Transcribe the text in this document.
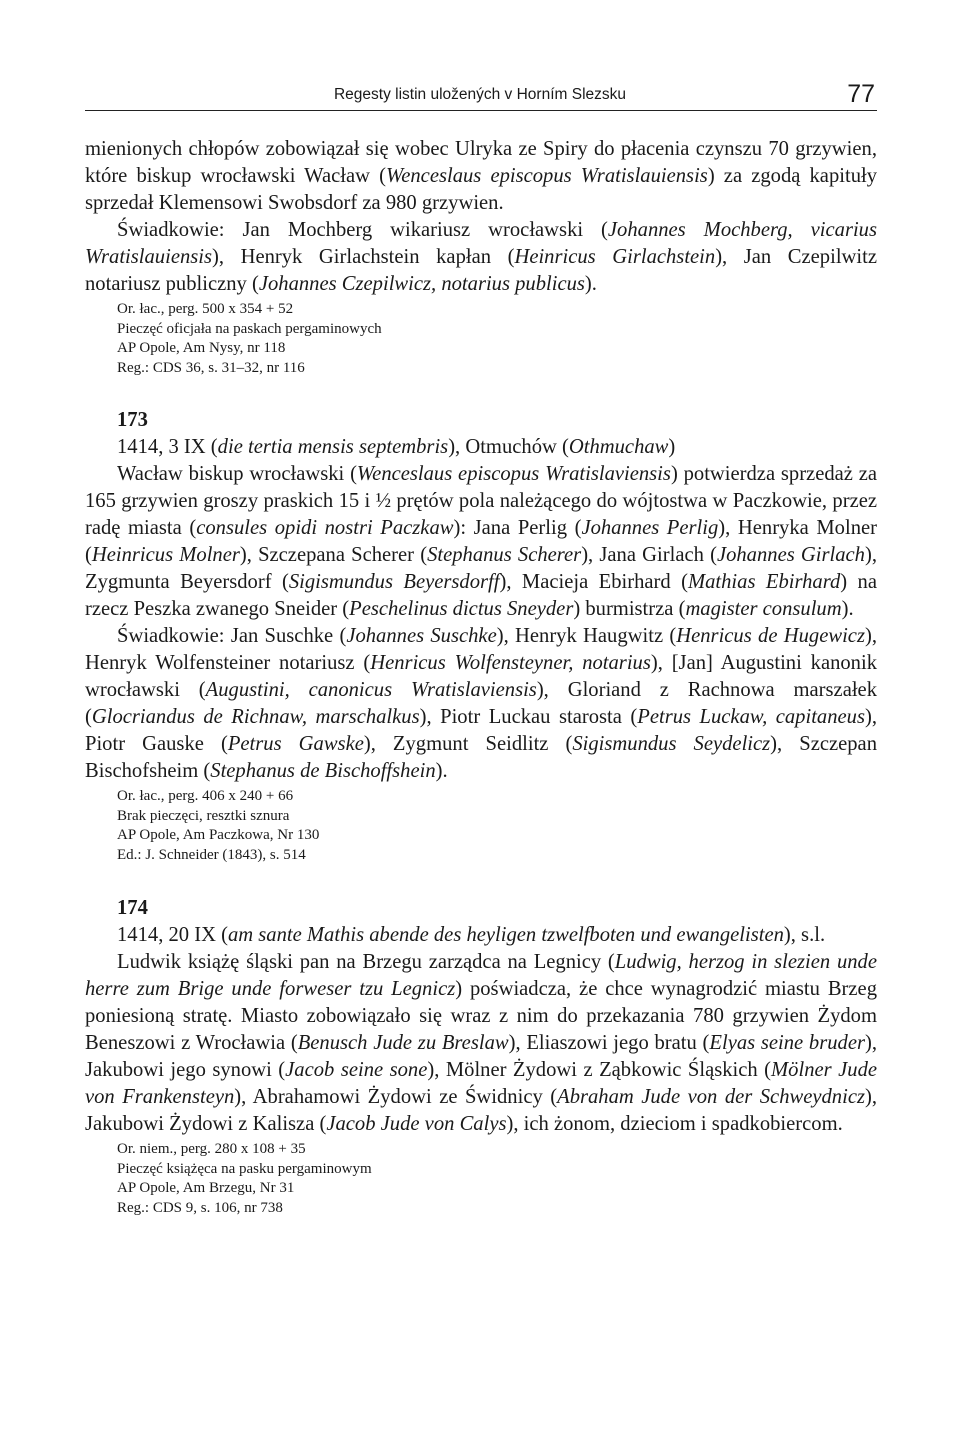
Regesty listin uložených v Horním Slezsku	77

mienionych chłopów zobowiązał się wobec Ulryka ze Spiry do płacenia czynszu 70 grzywien, które biskup wrocławski Wacław (Wenceslaus episcopus Wratislauiensis) za zgodą kapituły sprzedał Klemensowi Swobsdorf za 980 grzywien.

Świadkowie: Jan Mochberg wikariusz wrocławski (Johannes Mochberg, vicarius Wratislauiensis), Henryk Girlachstein kapłan (Heinricus Girlachstein), Jan Czepilwitz notariusz publiczny (Johannes Czepilwicz, notarius publicus).

Or. łac., perg. 500 x 354 + 52

Pieczęć oficjała na paskach pergaminowych

AP Opole, Am Nysy, nr 118

Reg.: CDS 36, s. 31–32, nr 116

173

1414, 3 IX (die tertia mensis septembris), Otmuchów (Othmuchaw)

Wacław biskup wrocławski (Wenceslaus episcopus Wratislaviensis) potwierdza sprzedaż za 165 grzywien groszy praskich 15 i ½ prętów pola należącego do wójtostwa w Paczkowie, przez radę miasta (consules opidi nostri Paczkaw): Jana Perlig (Johannes Perlig), Henryka Molner (Heinricus Molner), Szczepana Scherer (Stephanus Scherer), Jana Girlach (Johannes Girlach), Zygmunta Beyersdorf (Sigismundus Beyersdorff), Macieja Ebirhard (Mathias Ebirhard) na rzecz Peszka zwanego Sneider (Peschelinus dictus Sneyder) burmistrza (magister consulum).

Świadkowie: Jan Suschke (Johannes Suschke), Henryk Haugwitz (Henricus de Hugewicz), Henryk Wolfensteiner notariusz (Henricus Wolfensteyner, notarius), [Jan] Augustini kanonik wrocławski (Augustini, canonicus Wratislaviensis), Gloriand z Rachnowa marszałek (Glocriandus de Richnaw, marschalkus), Piotr Luckau starosta (Petrus Luckaw, capitaneus), Piotr Gauske (Petrus Gawske), Zygmunt Seidlitz (Sigismundus Seydelicz), Szczepan Bischofsheim (Stephanus de Bischoffshein).

Or. łac., perg. 406 x 240 + 66

Brak pieczęci, resztki sznura

AP Opole, Am Paczkowa, Nr 130

Ed.: J. Schneider (1843), s. 514

174

1414, 20 IX (am sante Mathis abende des heyligen tzwelfboten und ewangelisten), s.l.

Ludwik książę śląski pan na Brzegu zarządca na Legnicy (Ludwig, herzog in slezien unde herre zum Brige unde forweser tzu Legnicz) poświadcza, że chce wynagrodzić miastu Brzeg poniesioną stratę. Miasto zobowiązało się wraz z nim do przekazania 780 grzywien Żydom Beneszowi z Wrocławia (Benusch Jude zu Breslaw), Eliaszowi jego bratu (Elyas seine bruder), Jakubowi jego synowi (Jacob seine sone), Mölner Żydowi z Ząbkowic Śląskich (Mölner Jude von Frankensteyn), Abrahamowi Żydowi ze Świdnicy (Abraham Jude von der Schweydnicz), Jakubowi Żydowi z Kalisza (Jacob Jude von Calys), ich żonom, dzieciom i spadkobiercom.

Or. niem., perg. 280 x 108 + 35

Pieczęć książęca na pasku pergaminowym

AP Opole, Am Brzegu, Nr 31

Reg.: CDS 9, s. 106, nr 738
